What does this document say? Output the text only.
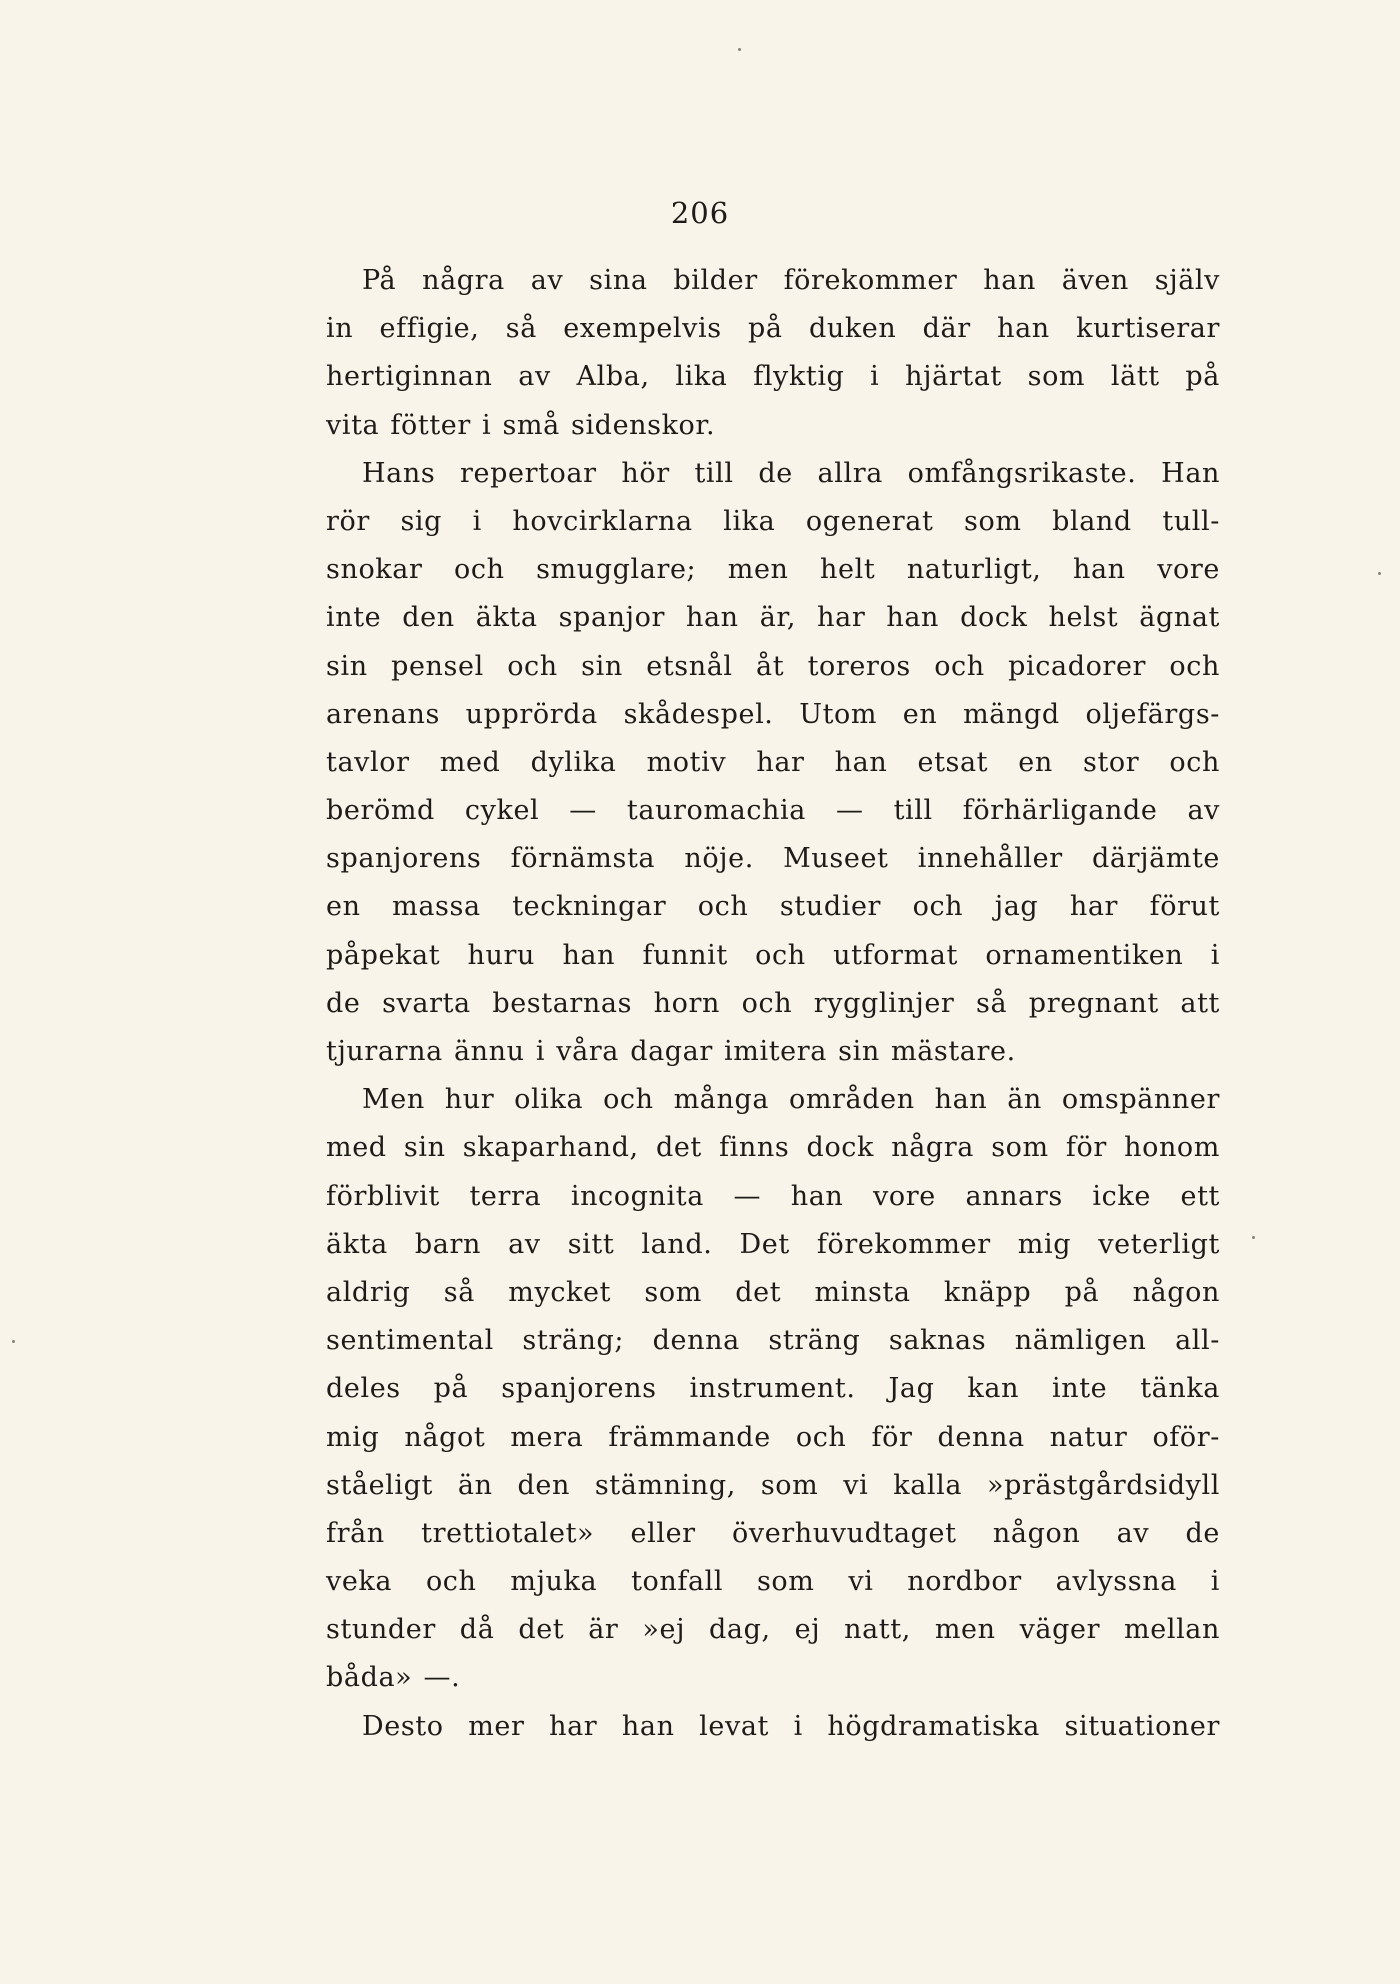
206
På några av sina bilder förekommer han även själv
in effigie, så exempelvis på duken där han kurtiserar
hertiginnan av Alba, lika flyktig i hjärtat som lätt på
vita fötter i små sidenskor.
Hans repertoar hör till de allra omfångsrikaste. Han
rör sig i hovcirklarna lika ogenerat som bland tull-
snokar och smugglare; men helt naturligt, han vore
inte den äkta spanjor han är, har han dock helst ägnat
sin pensel och sin etsnål åt toreros och picadorer och
arenans upprörda skådespel. Utom en mängd oljefärgs-
tavlor med dylika motiv har han etsat en stor och
berömd cykel — tauromachia — till förhärligande av
spanjorens förnämsta nöje. Museet innehåller därjämte
en massa teckningar och studier och jag har förut
påpekat huru han funnit och utformat ornamentiken i
de svarta bestarnas horn och rygglinjer så pregnant att
tjurarna ännu i våra dagar imitera sin mästare.
Men hur olika och många områden han än omspänner
med sin skaparhand, det finns dock några som för honom
förblivit terra incognita — han vore annars icke ett
äkta barn av sitt land. Det förekommer mig veterligt
aldrig så mycket som det minsta knäpp på någon
sentimental sträng; denna sträng saknas nämligen all-
deles på spanjorens instrument. Jag kan inte tänka
mig något mera främmande och för denna natur oför-
ståeligt än den stämning, som vi kalla »prästgårdsidyll
från trettiotalet» eller överhuvudtaget någon av de
veka och mjuka tonfall som vi nordbor avlyssna i
stunder då det är »ej dag, ej natt, men väger mellan
båda» —.
Desto mer har han levat i högdramatiska situationer
